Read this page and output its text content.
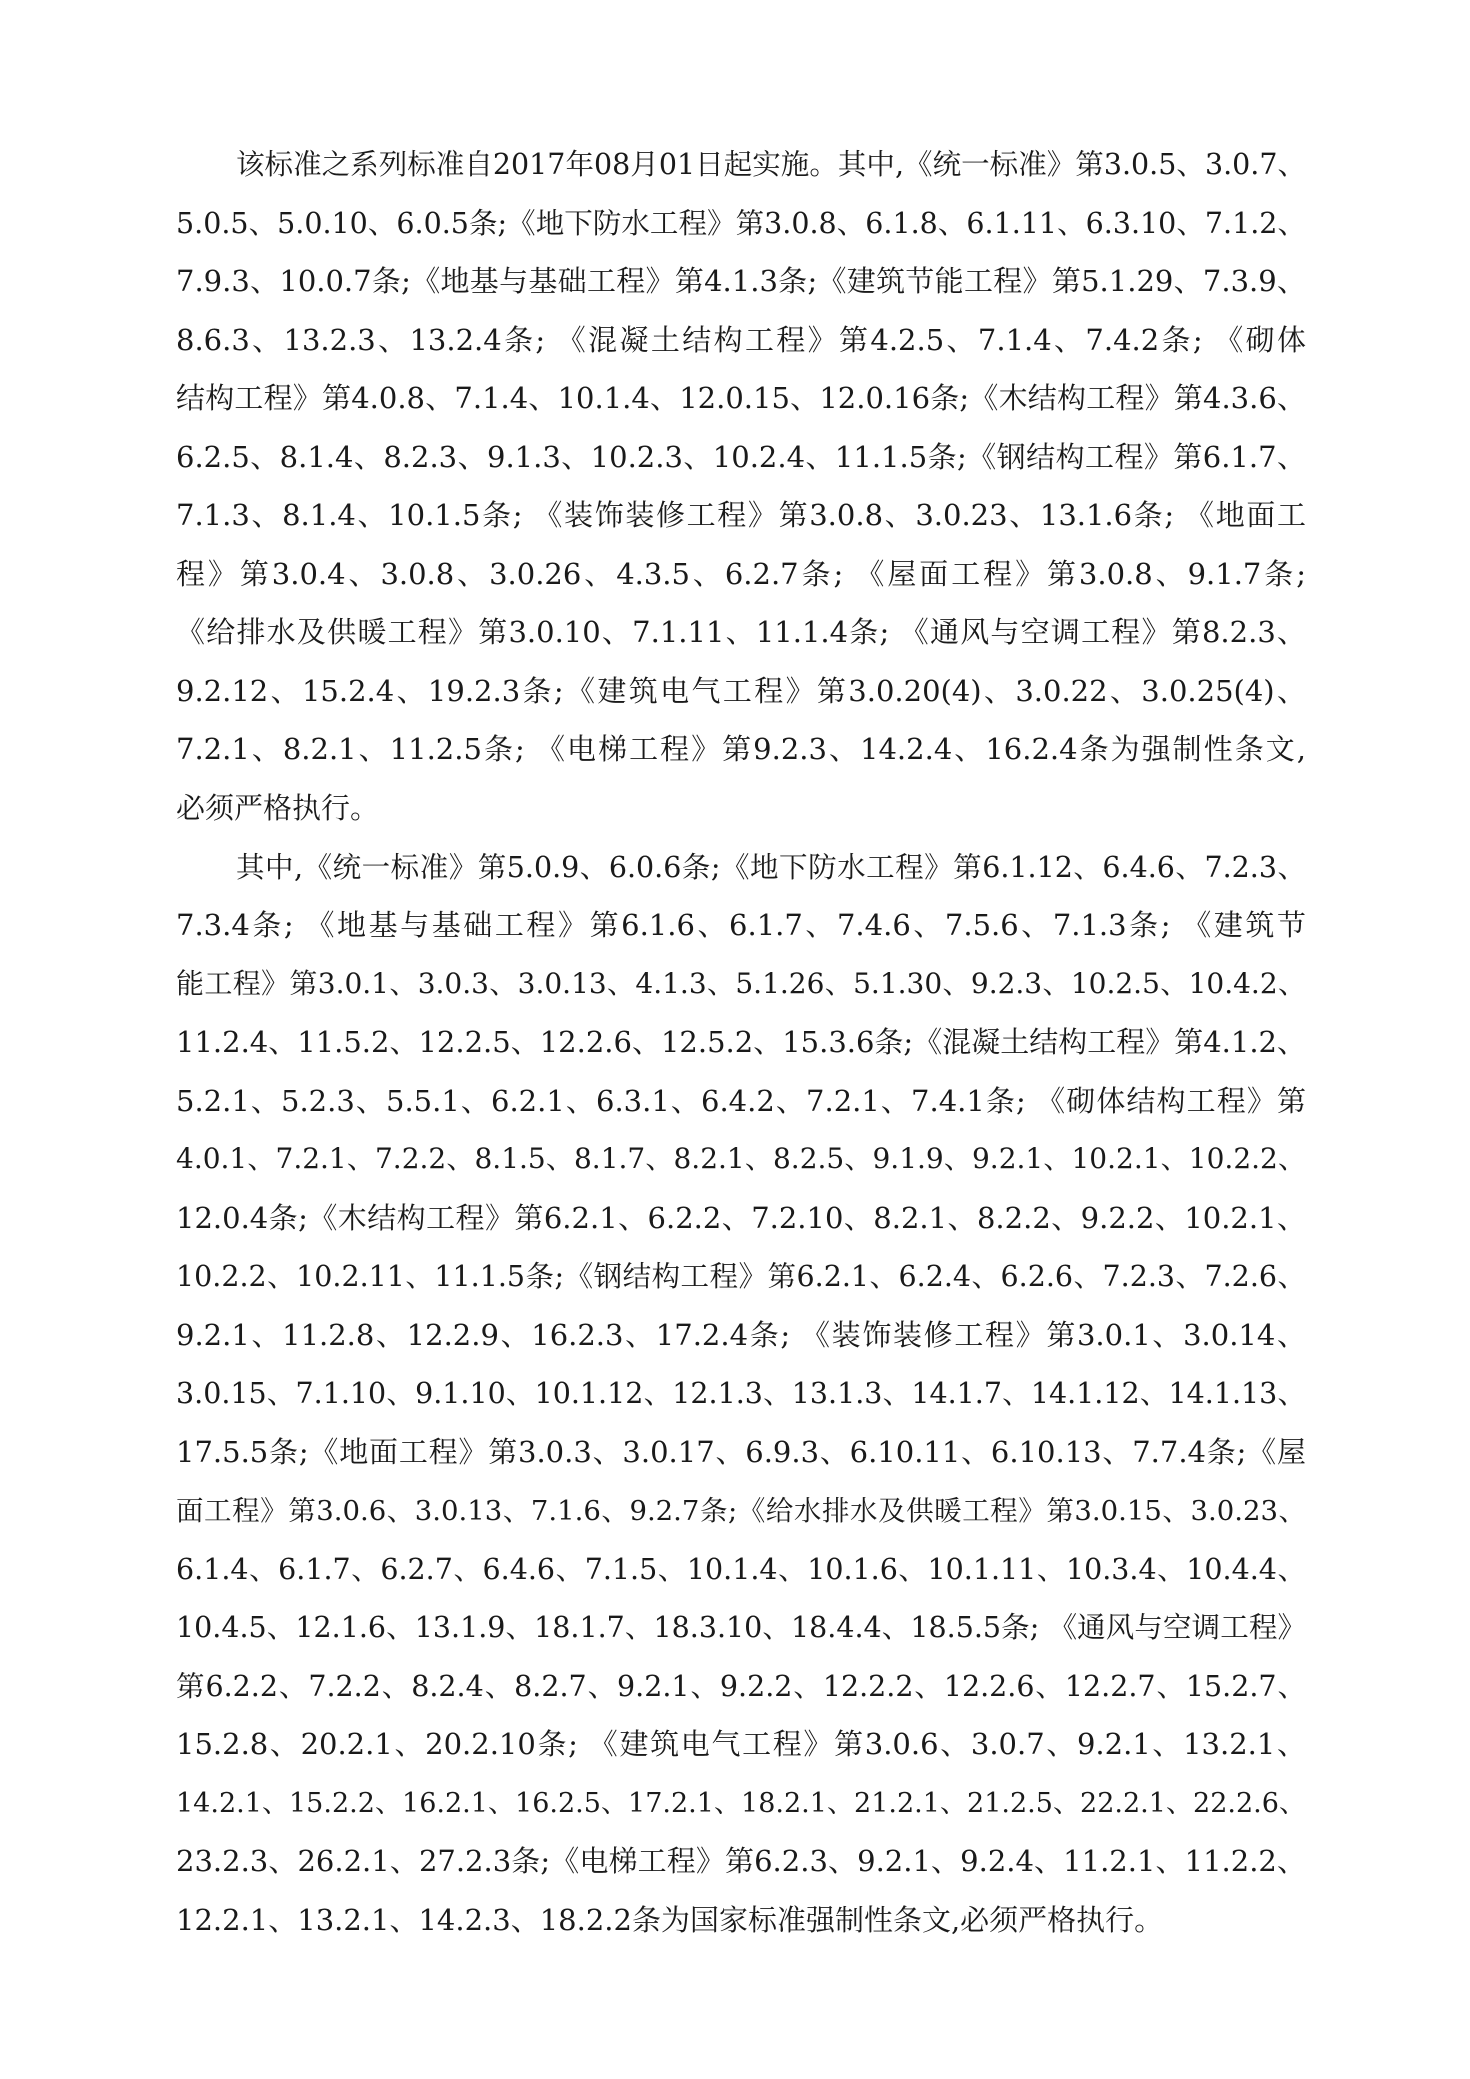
该标准之系列标准自2017年08月01日起实施。其中,《统一标准》第3.0.5、3.0.7、
5.0.5、5.0.10、6.0.5条;《地下防水工程》第3.0.8、6.1.8、6.1.11、6.3.10、7.1.2、
7.9.3、10.0.7条;《地基与基础工程》第4.1.3条;《建筑节能工程》第5.1.29、7.3.9、
8.6.3、13.2.3、13.2.4条; 《混凝土结构工程》第4.2.5、7.1.4、7.4.2条; 《砌体
结构工程》第4.0.8、7.1.4、10.1.4、12.0.15、12.0.16条;《木结构工程》第4.3.6、
6.2.5、8.1.4、8.2.3、9.1.3、10.2.3、10.2.4、11.1.5条;《钢结构工程》第6.1.7、
7.1.3、8.1.4、10.1.5条; 《装饰装修工程》第3.0.8、3.0.23、13.1.6条; 《地面工
程》第3.0.4、3.0.8、3.0.26、4.3.5、6.2.7条; 《屋面工程》第3.0.8、9.1.7条;
《给排水及供暖工程》第3.0.10、7.1.11、11.1.4条; 《通风与空调工程》第8.2.3、
9.2.12、15.2.4、19.2.3条;《建筑电气工程》第3.0.20(4)、3.0.22、3.0.25(4)、
7.2.1、8.2.1、11.2.5条; 《电梯工程》第9.2.3、14.2.4、16.2.4条为强制性条文,
必须严格执行。
其中,《统一标准》第5.0.9、6.0.6条;《地下防水工程》第6.1.12、6.4.6、7.2.3、
7.3.4条; 《地基与基础工程》第6.1.6、6.1.7、7.4.6、7.5.6、7.1.3条; 《建筑节
能工程》第3.0.1、3.0.3、3.0.13、4.1.3、5.1.26、5.1.30、9.2.3、10.2.5、10.4.2、
11.2.4、11.5.2、12.2.5、12.2.6、12.5.2、15.3.6条;《混凝土结构工程》第4.1.2、
5.2.1、5.2.3、5.5.1、6.2.1、6.3.1、6.4.2、7.2.1、7.4.1条; 《砌体结构工程》第
4.0.1、7.2.1、7.2.2、8.1.5、8.1.7、8.2.1、8.2.5、9.1.9、9.2.1、10.2.1、10.2.2、
12.0.4条;《木结构工程》第6.2.1、6.2.2、7.2.10、8.2.1、8.2.2、9.2.2、10.2.1、
10.2.2、10.2.11、11.1.5条;《钢结构工程》第6.2.1、6.2.4、6.2.6、7.2.3、7.2.6、
9.2.1、11.2.8、12.2.9、16.2.3、17.2.4条; 《装饰装修工程》第3.0.1、3.0.14、
3.0.15、7.1.10、9.1.10、10.1.12、12.1.3、13.1.3、14.1.7、14.1.12、14.1.13、
17.5.5条;《地面工程》第3.0.3、3.0.17、6.9.3、6.10.11、6.10.13、7.7.4条;《屋
面工程》第3.0.6、3.0.13、7.1.6、9.2.7条;《给水排水及供暖工程》第3.0.15、3.0.23、
6.1.4、6.1.7、6.2.7、6.4.6、7.1.5、10.1.4、10.1.6、10.1.11、10.3.4、10.4.4、
10.4.5、12.1.6、13.1.9、18.1.7、18.3.10、18.4.4、18.5.5条; 《通风与空调工程》
第6.2.2、7.2.2、8.2.4、8.2.7、9.2.1、9.2.2、12.2.2、12.2.6、12.2.7、15.2.7、
15.2.8、20.2.1、20.2.10条; 《建筑电气工程》第3.0.6、3.0.7、9.2.1、13.2.1、
14.2.1、15.2.2、16.2.1、16.2.5、17.2.1、18.2.1、21.2.1、21.2.5、22.2.1、22.2.6、
23.2.3、26.2.1、27.2.3条;《电梯工程》第6.2.3、9.2.1、9.2.4、11.2.1、11.2.2、
12.2.1、13.2.1、14.2.3、18.2.2条为国家标准强制性条文,必须严格执行。
